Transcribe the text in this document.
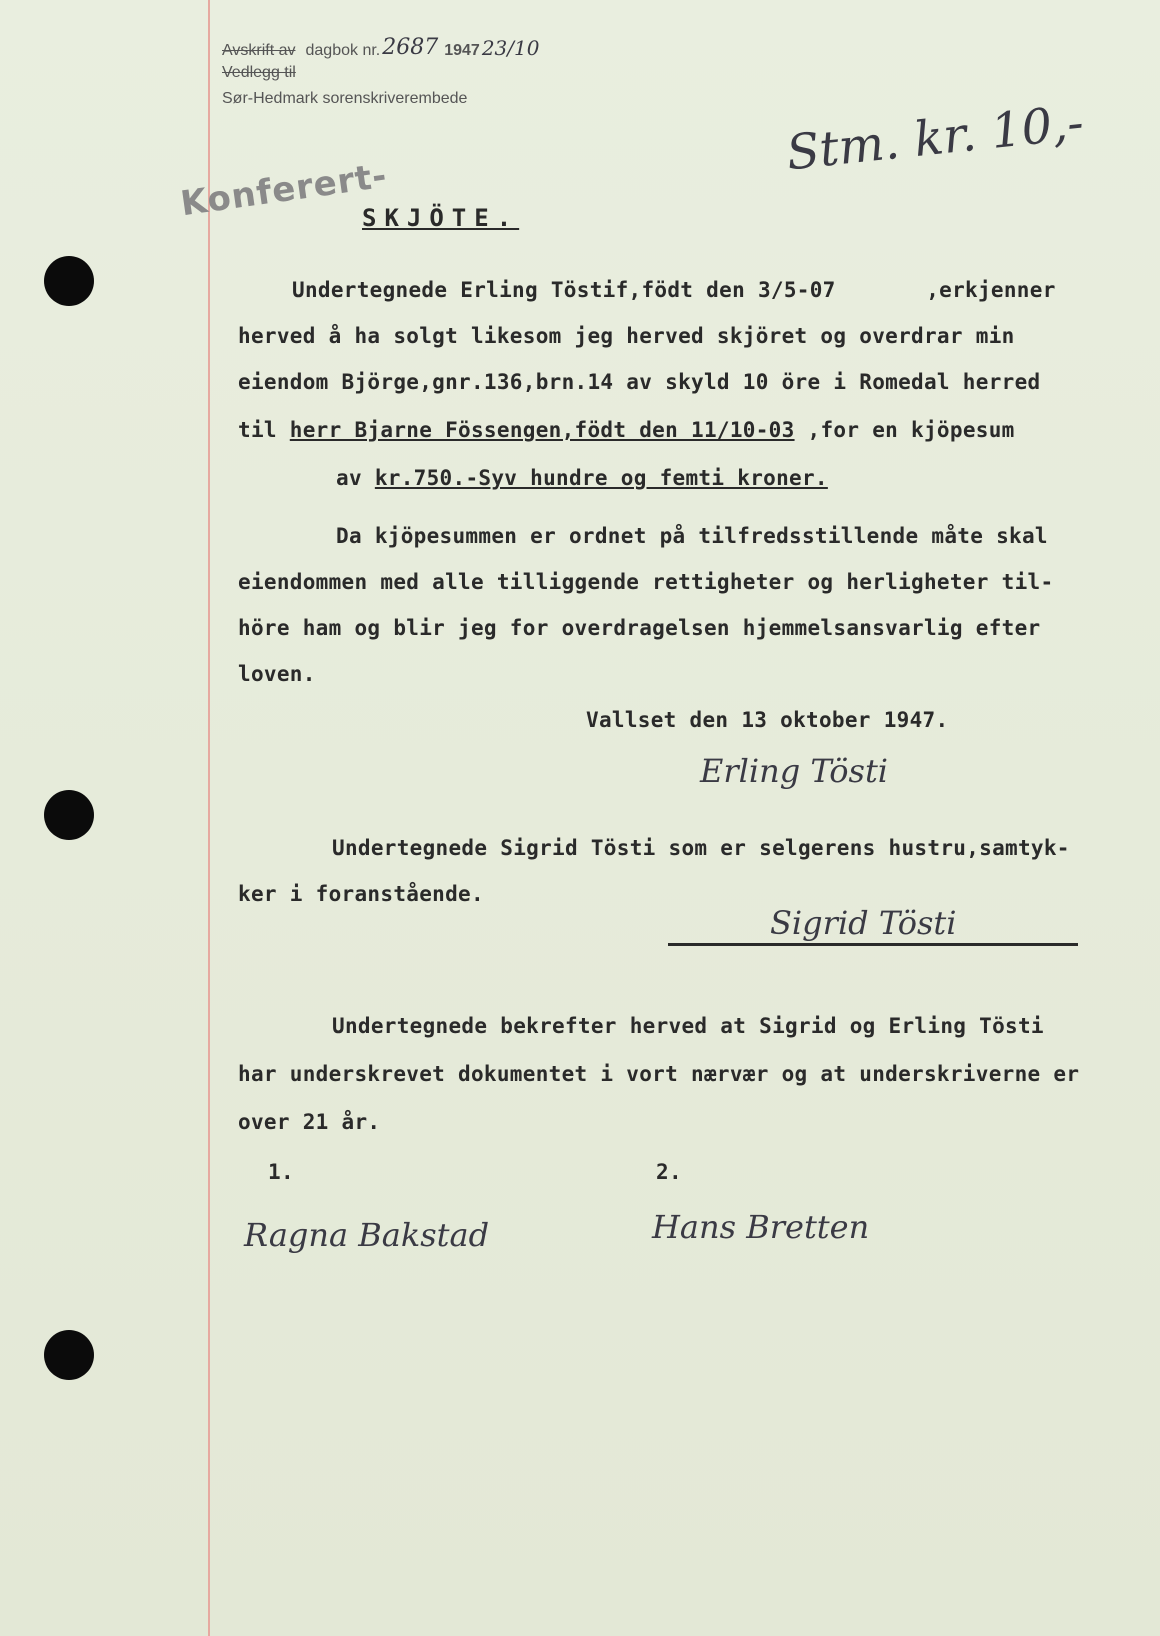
Avskrift av dagbok nr. 2687 1947 23/10
Vedlegg til
Sør-Hedmark sorenskriverembede
Konferert-
Stm. kr. 10,-
SKJÖTE.
Undertegnede Erling Töstif,födt den 3/5-07       ,erkjenner
herved å ha solgt likesom jeg herved skjöret og overdrar min
eiendom Björge,gnr.136,brn.14 av skyld 10 öre i Romedal herred
til herr Bjarne Fössengen,födt den 11/10-03 ,for en kjöpesum
av kr.750.-Syv hundre og femti kroner.
Da kjöpesummen er ordnet på tilfredsstillende måte skal
eiendommen med alle tilliggende rettigheter og herligheter til-
höre ham og blir jeg for overdragelsen hjemmelsansvarlig efter
loven.
Vallset den 13 oktober 1947.
Erling Tösti
Undertegnede Sigrid Tösti som er selgerens hustru,samtyk-
ker i foranstående.
Sigrid Tösti
Undertegnede bekrefter herved at Sigrid og Erling Tösti
har underskrevet dokumentet i vort nærvær og at underskriverne er
over 21 år.
1.	2.
Ragna Bakstad	Hans Bretten
